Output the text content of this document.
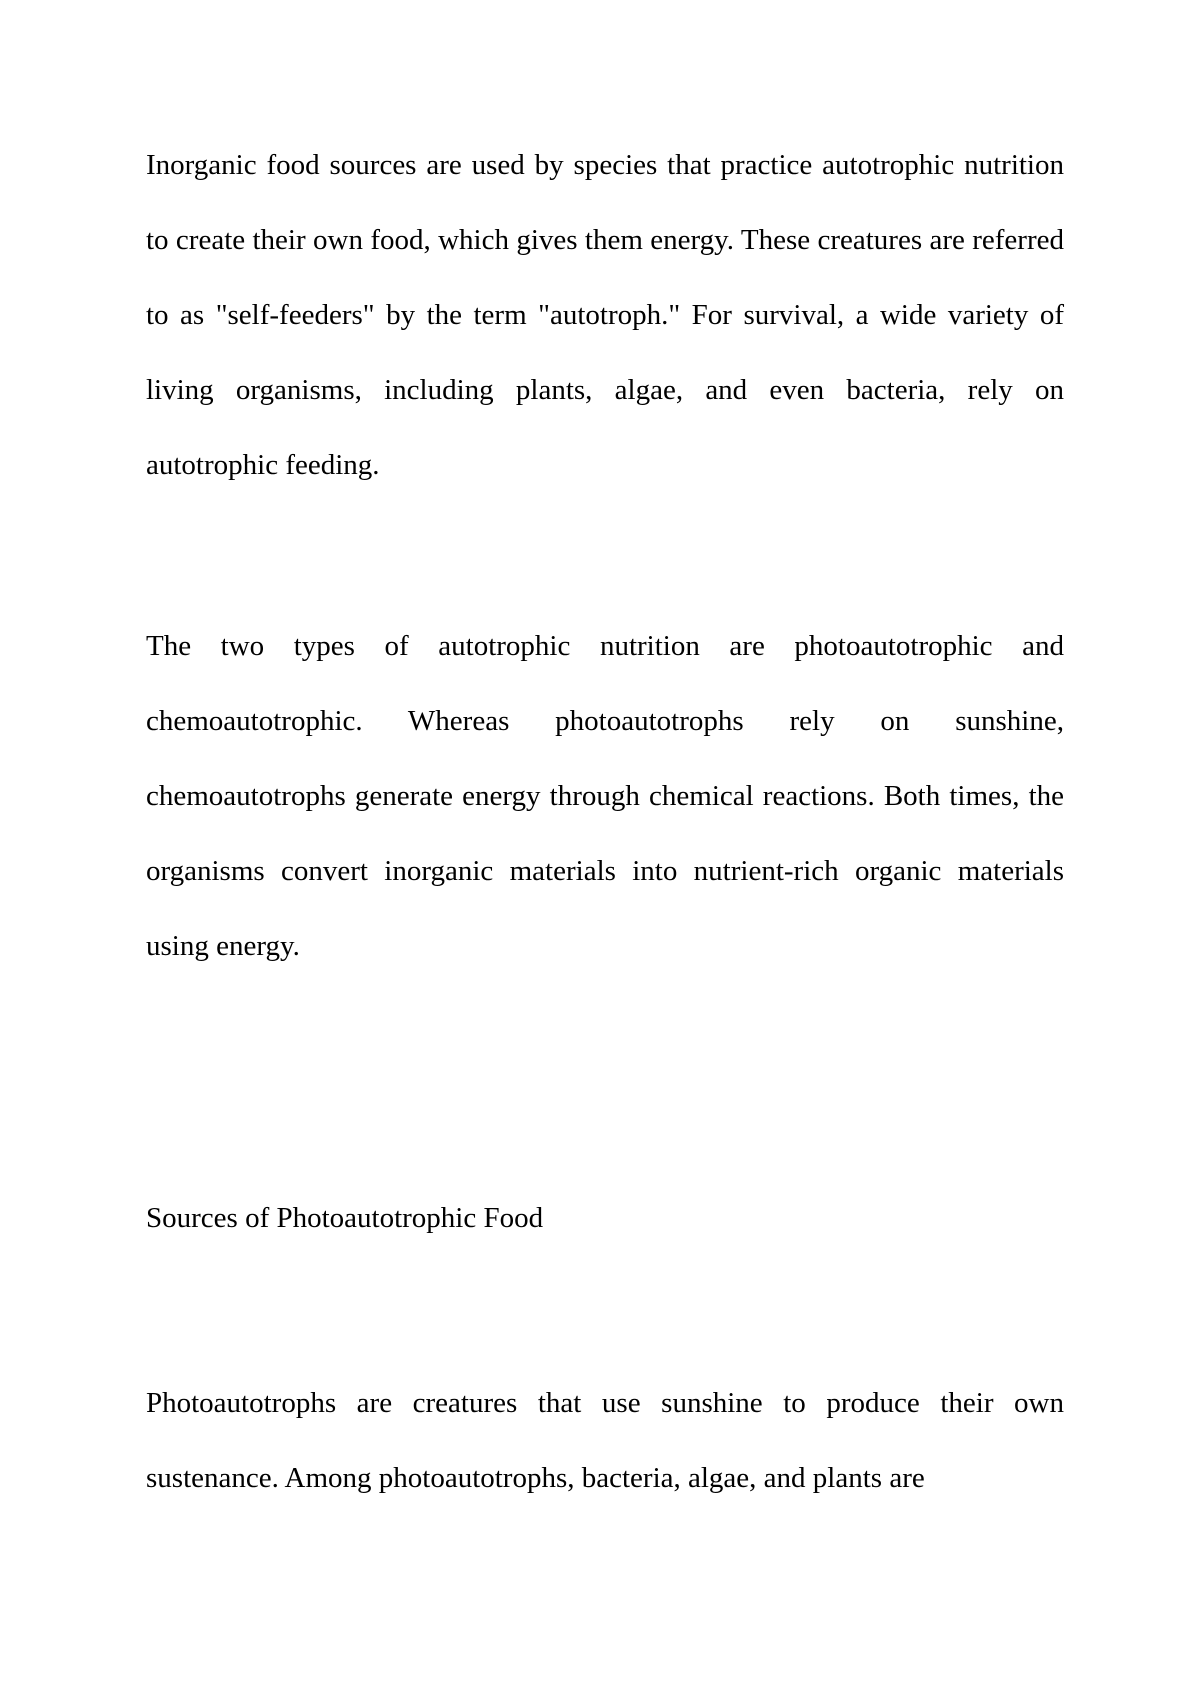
Inorganic food sources are used by species that practice autotrophic nutrition to create their own food, which gives them energy. These creatures are referred to as "self-feeders" by the term "autotroph." For survival, a wide variety of living organisms, including plants, algae, and even bacteria, rely on autotrophic feeding.

The two types of autotrophic nutrition are photoautotrophic and chemoautotrophic. Whereas photoautotrophs rely on sunshine, chemoautotrophs generate energy through chemical reactions. Both times, the organisms convert inorganic materials into nutrient-rich organic materials using energy.

Sources of Photoautotrophic Food

Photoautotrophs are creatures that use sunshine to produce their own sustenance. Among photoautotrophs, bacteria, algae, and plants are
